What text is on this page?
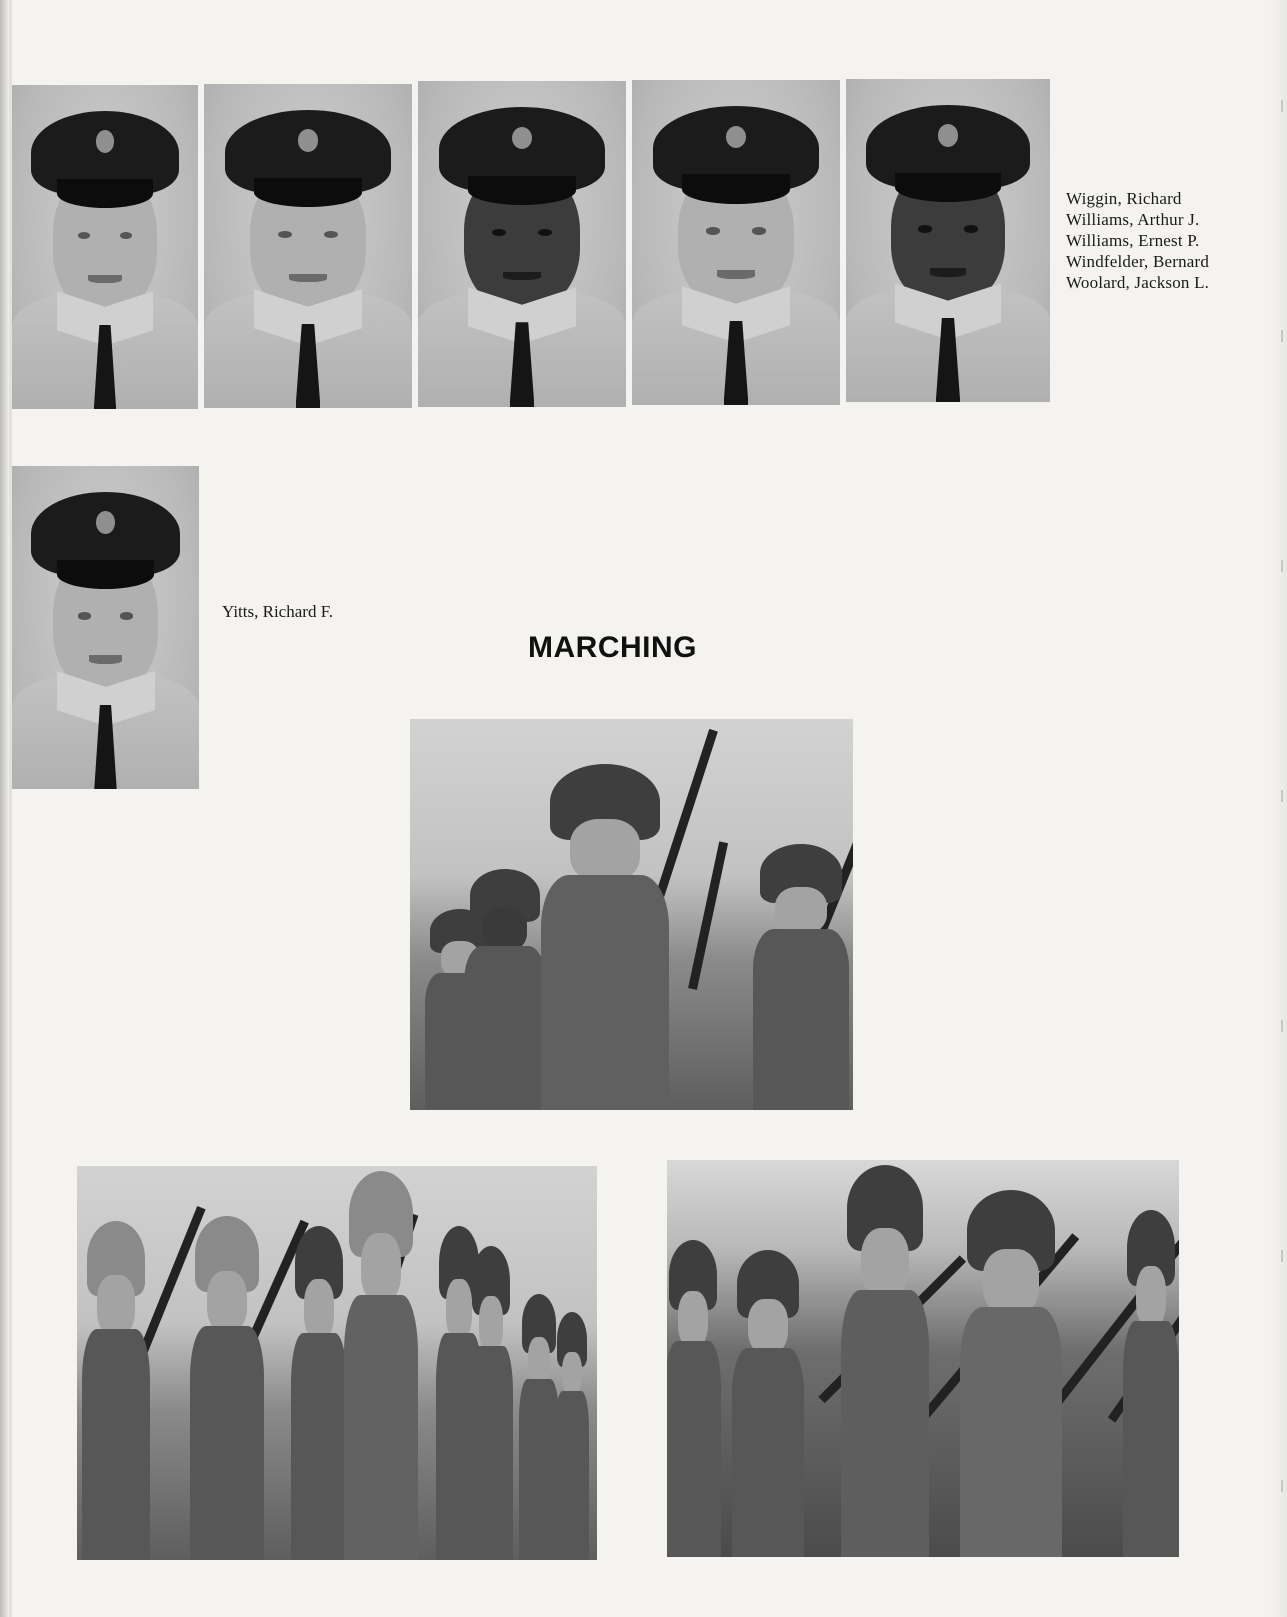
Wiggin, Richard
Williams, Arthur J.
Williams, Ernest P.
Windfelder, Bernard
Woolard, Jackson L.
Yitts, Richard F.
MARCHING
